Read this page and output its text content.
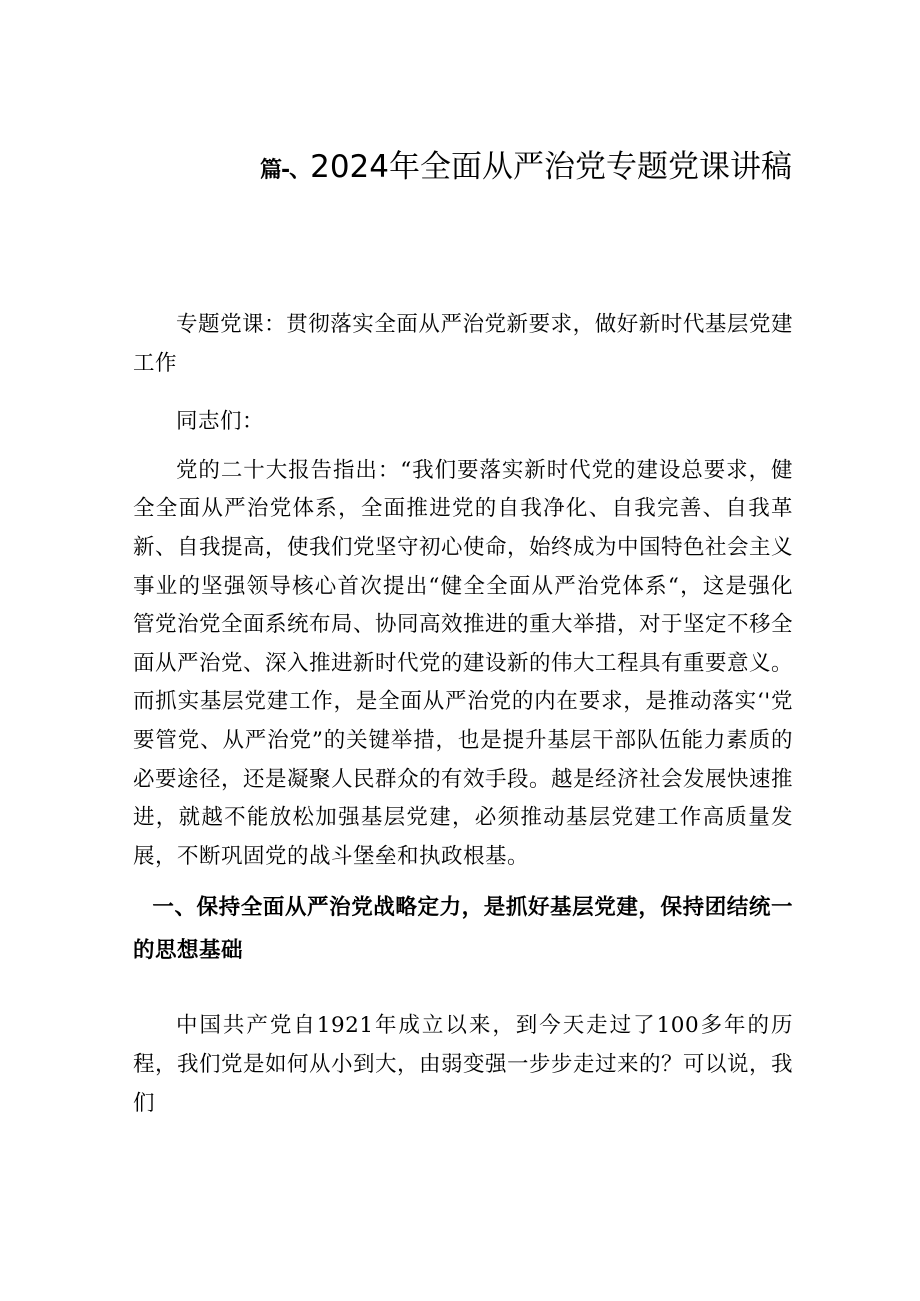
篇-、2024年全面从严治党专题党课讲稿

专题党课：贯彻落实全面从严治党新要求，做好新时代基层党建工作

同志们：

党的二十大报告指出：“我们要落实新时代党的建设总要求，健全全面从严治党体系，全面推进党的自我净化、自我完善、自我革新、自我提高，使我们党坚守初心使命，始终成为中国特色社会主义事业的坚强领导核心首次提出“健全全面从严治党体系“，这是强化管党治党全面系统布局、协同高效推进的重大举措，对于坚定不移全面从严治党、深入推进新时代党的建设新的伟大工程具有重要意义。而抓实基层党建工作，是全面从严治党的内在要求，是推动落实‘'党要管党、从严治党”的关键举措，也是提升基层干部队伍能力素质的必要途径，还是凝聚人民群众的有效手段。越是经济社会发展快速推进，就越不能放松加强基层党建，必须推动基层党建工作高质量发展，不断巩固党的战斗堡垒和执政根基。

一、保持全面从严治党战略定力，是抓好基层党建，保持团结统一的思想基础

中国共产党自1921年成立以来，到今天走过了100多年的历程，我们党是如何从小到大，由弱变强一步步走过来的？可以说，我们
